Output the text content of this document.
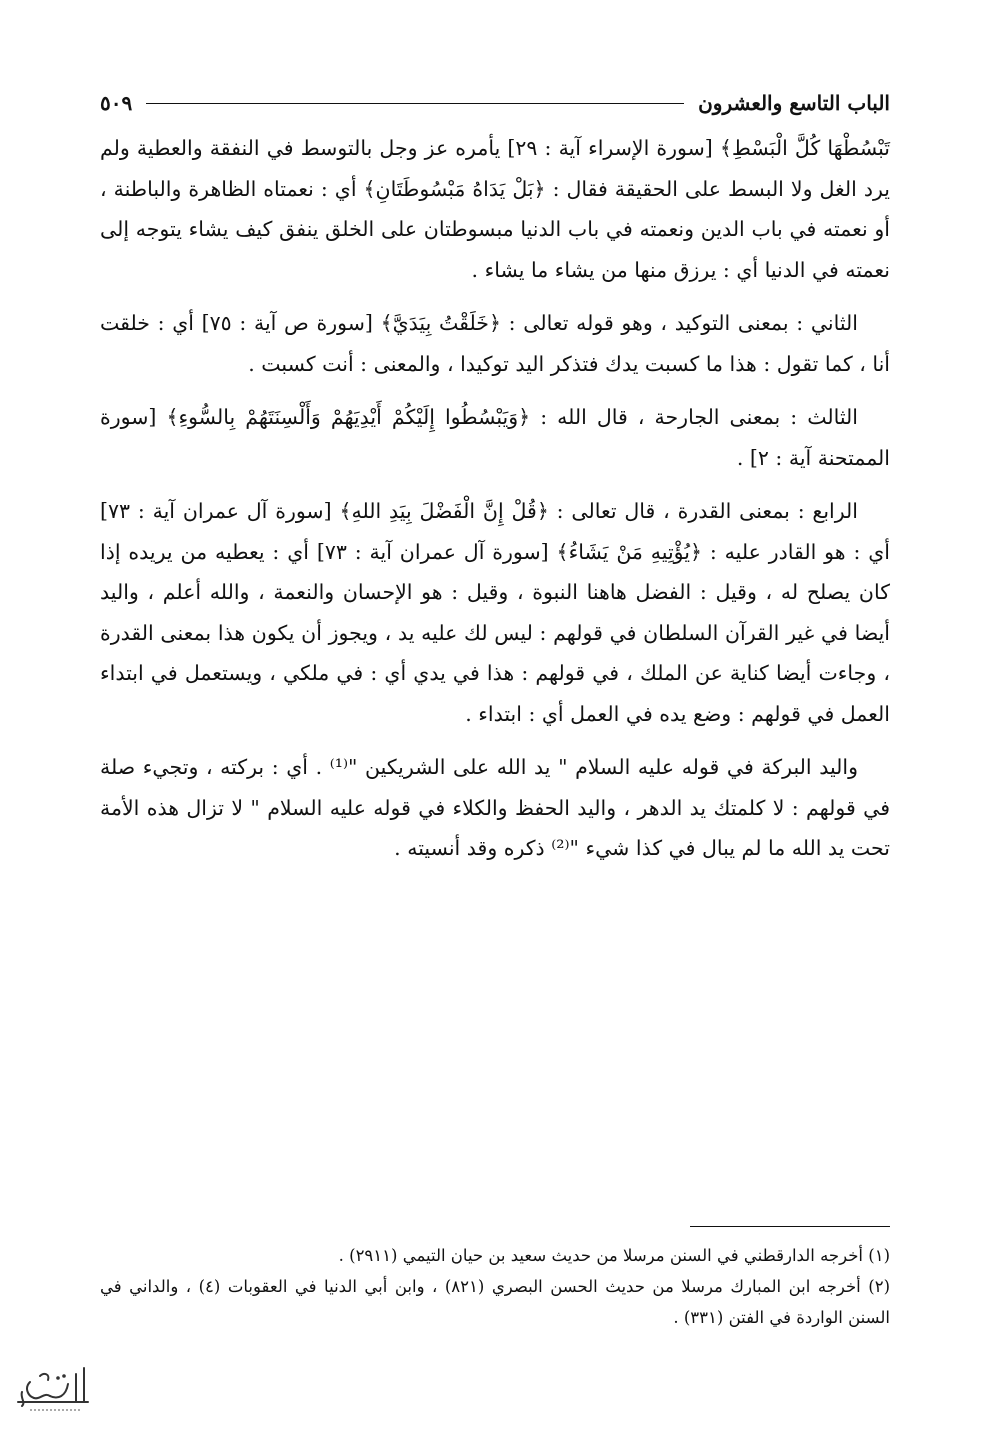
الباب التاسع والعشرون
٥٠٩

تَبْسُطْهَا كُلَّ الْبَسْطِ﴾ [سورة الإسراء آية : ٢٩] يأمره عز وجل بالتوسط في النفقة والعطية ولم يرد الغل ولا البسط على الحقيقة فقال : ﴿بَلْ يَدَاهُ مَبْسُوطَتَانِ﴾ أي : نعمتاه الظاهرة والباطنة ، أو نعمته في باب الدين ونعمته في باب الدنيا مبسوطتان على الخلق ينفق كيف يشاء يتوجه إلى نعمته في الدنيا أي : يرزق منها من يشاء ما يشاء .

الثاني : بمعنى التوكيد ، وهو قوله تعالى : ﴿خَلَقْتُ بِيَدَيَّ﴾ [سورة ص آية : ٧٥] أي : خلقت أنا ، كما تقول : هذا ما كسبت يدك فتذكر اليد توكيدا ، والمعنى : أنت كسبت .

الثالث : بمعنى الجارحة ، قال الله : ﴿وَيَبْسُطُوا إِلَيْكُمْ أَيْدِيَهُمْ وَأَلْسِنَتَهُمْ بِالسُّوءِ﴾ [سورة الممتحنة آية : ٢] .

الرابع : بمعنى القدرة ، قال تعالى : ﴿قُلْ إِنَّ الْفَضْلَ بِيَدِ اللهِ﴾ [سورة آل عمران آية : ٧٣] أي : هو القادر عليه : ﴿يُؤْتِيهِ مَنْ يَشَاءُ﴾ [سورة آل عمران آية : ٧٣] أي : يعطيه من يريده إذا كان يصلح له ، وقيل : الفضل هاهنا النبوة ، وقيل : هو الإحسان والنعمة ، والله أعلم ، واليد أيضا في غير القرآن السلطان في قولهم : ليس لك عليه يد ، ويجوز أن يكون هذا بمعنى القدرة ، وجاءت أيضا كناية عن الملك ، في قولهم : هذا في يدي أي : في ملكي ، ويستعمل في ابتداء العمل في قولهم : وضع يده في العمل أي : ابتداء .

واليد البركة في قوله عليه السلام " يد الله على الشريكين "⁽¹⁾ . أي : بركته ، وتجيء صلة في قولهم : لا كلمتك يد الدهر ، واليد الحفظ والكلاء في قوله عليه السلام " لا تزال هذه الأمة تحت يد الله ما لم يبال في كذا شيء "⁽²⁾ ذكره وقد أنسيته .

(١) أخرجه الدارقطني في السنن مرسلا من حديث سعيد بن حيان التيمي (٢٩١١) .

(٢) أخرجه ابن المبارك مرسلا من حديث الحسن البصري (٨٢١) ، وابن أبي الدنيا في العقوبات (٤) ، والداني في السنن الواردة في الفتن (٣٣١) .
